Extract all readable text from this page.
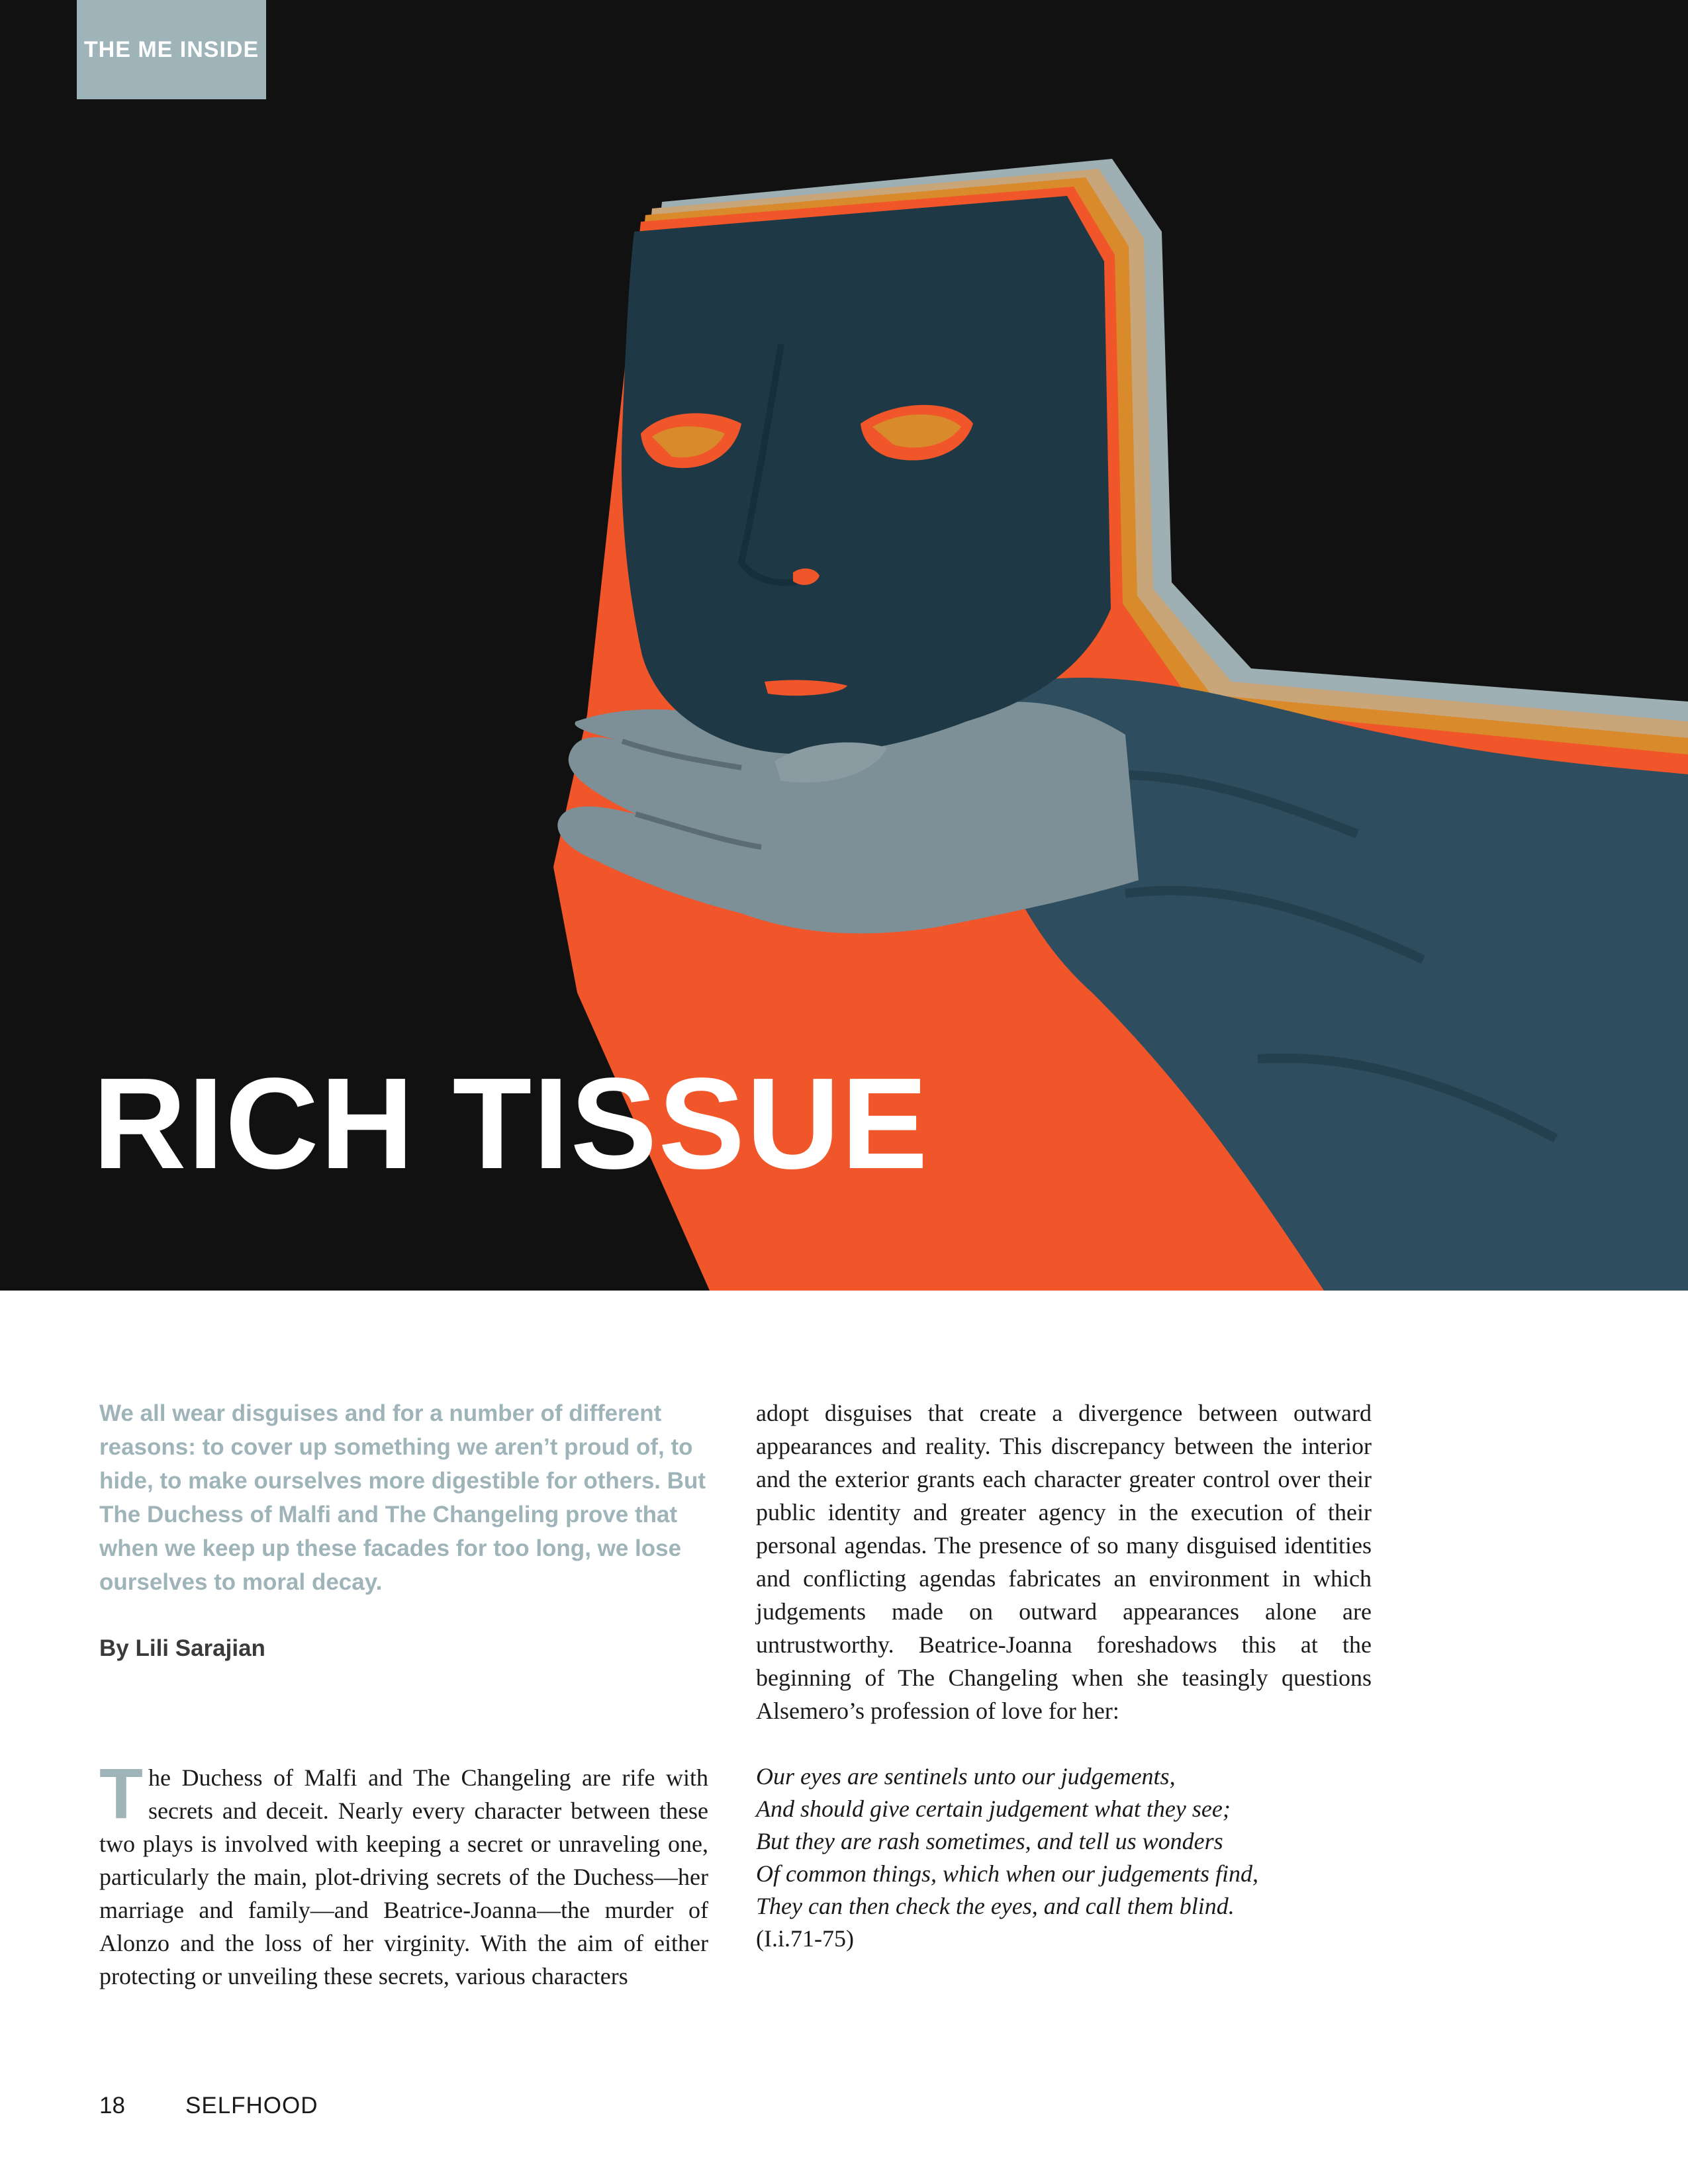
THE ME INSIDE
RICH TISSUE

We all wear disguises and for a number of different reasons: to cover up something we aren’t proud of, to hide, to make ourselves more digestible for others. But The Duchess of Malfi and The Changeling prove that when we keep up these facades for too long, we lose ourselves to moral decay.

By Lili Sarajian

The Duchess of Malfi and The Changeling are rife with secrets and deceit. Nearly every character between these two plays is involved with keeping a secret or unraveling one, particularly the main, plot-driving secrets of the Duchess—her marriage and family—and Beatrice-Joanna—the murder of Alonzo and the loss of her virginity. With the aim of either protecting or unveiling these secrets, various characters

adopt disguises that create a divergence between outward appearances and reality. This discrepancy between the interior and the exterior grants each character greater control over their public identity and greater agency in the execution of their personal agendas. The presence of so many disguised identities and conflicting agendas fabricates an environment in which judgements made on outward appearances alone are untrustworthy. Beatrice-Joanna foreshadows this at the beginning of The Changeling when she teasingly questions Alsemero’s profession of love for her:

Our eyes are sentinels unto our judgements,
And should give certain judgement what they see;
But they are rash sometimes, and tell us wonders
Of common things, which when our judgements find,
They can then check the eyes, and call them blind.
(I.i.71-75)
18	SELFHOOD
